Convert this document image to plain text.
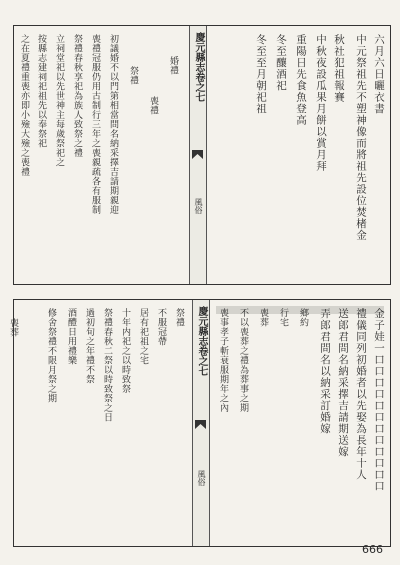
六月六日曬衣書
中元祭祖先不塑神像而將祖先設位焚楮金
秋社犯祖報賽
中秋夜設瓜果月餅以賞月拜
重陽日先食魚登高
冬至釀酒祀
冬至至月朝祀祖
慶元縣志卷之七
風俗
婚禮
喪禮
祭禮
初議婚不以門第相當問名納采擇吉請期親迎
喪禮冠服仍用古制行三年之喪親疏各有服制
祭禮春秋享祀為族人致祭之禮
立祠堂祀以先世神主每歲祭祀之
按縣志建祠祀祖先以奉祭祀
之在夏禮重喪亦即小殮大殮之喪禮
金子娃一口口口口口口口口口口口口
禮儀同列初婚者以先娶為長年十人
送郎君問名納采擇吉請期送嫁
弄郎君問名以納采訂婚嫁
鄉約
行宅
喪葬
不以喪葬之禮為葬事之期
喪事孝子斬衰服期年之內
慶元縣志卷之七
風俗
祭禮
不服冠帶
居有祀祖之宅
十年内祀之以時致祭
祭禮春秋二祭以時致祭之日
過初旬之年禮不祭
酒醴日用禮樂
修舍祭禮不限月祭之期
喪葬
666
